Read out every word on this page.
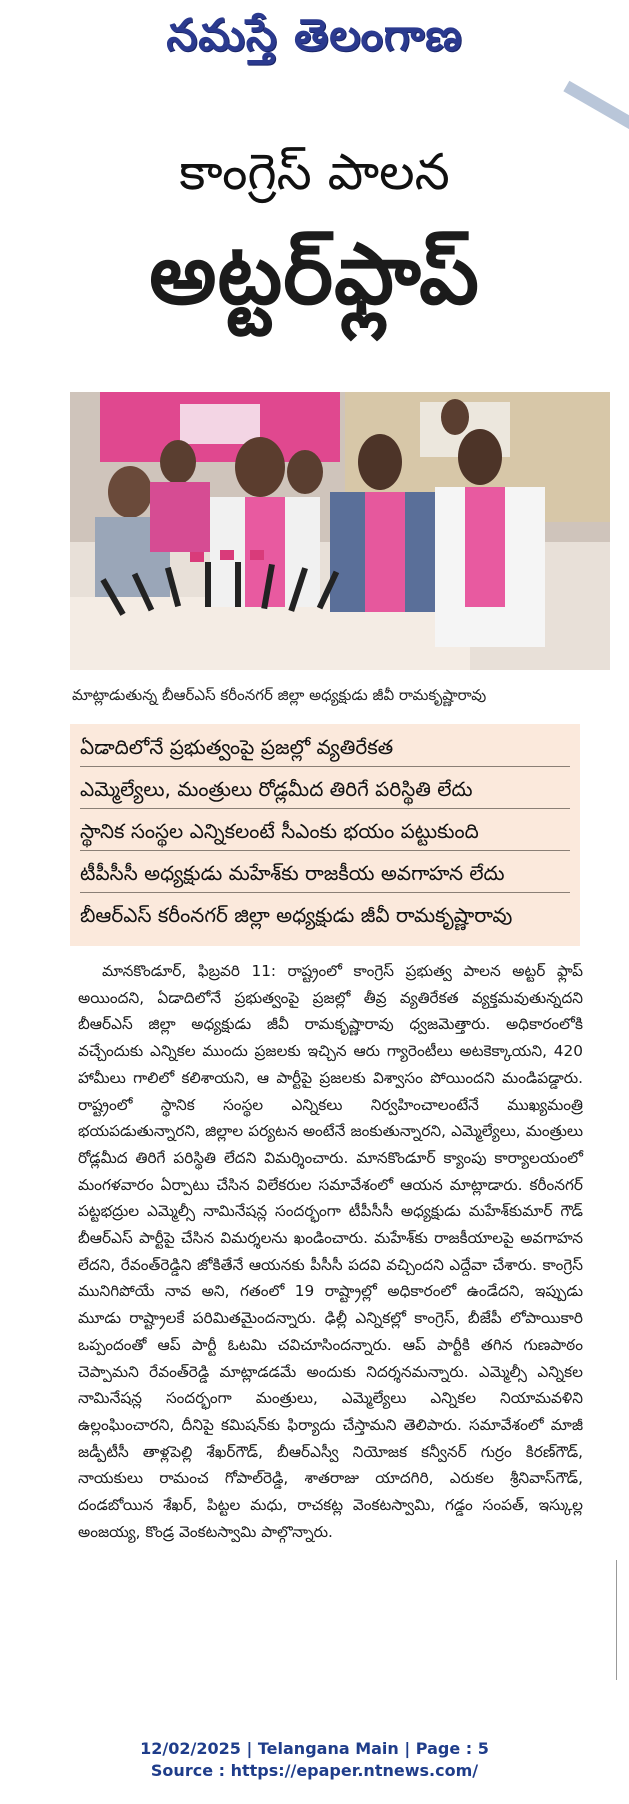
నమస్తే తెలంగాణ
కాంగ్రెస్ పాలన
అట్టర్‌ఫ్లాప్
మాట్లాడుతున్న బీఆర్‌ఎస్ కరీంనగర్ జిల్లా అధ్యక్షుడు జీవీ రామకృష్ణారావు
ఏడాదిలోనే ప్రభుత్వంపై ప్రజల్లో వ్యతిరేకత
ఎమ్మెల్యేలు, మంత్రులు రోడ్లమీద తిరిగే పరిస్థితి లేదు
స్థానిక సంస్థల ఎన్నికలంటే సీఎంకు భయం పట్టుకుంది
టీపీసీసీ అధ్యక్షుడు మహేశ్‌కు రాజకీయ అవగాహన లేదు
బీఆర్‌ఎస్ కరీంనగర్ జిల్లా అధ్యక్షుడు జీవీ రామకృష్ణారావు
మానకొండూర్, ఫిబ్రవరి 11: రాష్ట్రంలో కాంగ్రెస్ ప్రభుత్వ పాలన అట్టర్ ఫ్లాప్ అయిందని, ఏడాదిలోనే ప్రభుత్వంపై ప్రజల్లో తీవ్ర వ్యతిరేకత వ్యక్తమవుతున్నదని బీఆర్‌ఎస్ జిల్లా అధ్యక్షుడు జీవీ రామకృష్ణారావు ధ్వజమెత్తారు. అధికారంలోకి వచ్చేందుకు ఎన్నికల ముందు ప్రజలకు ఇచ్చిన ఆరు గ్యారెంటీలు అటకెక్కాయని, 420 హామీలు గాలిలో కలిశాయని, ఆ పార్టీపై ప్రజలకు విశ్వాసం పోయిందని మండిపడ్డారు. రాష్ట్రంలో స్థానిక సంస్థల ఎన్నికలు నిర్వహించాలంటేనే ముఖ్యమంత్రి భయపడుతున్నారని, జిల్లాల పర్యటన అంటేనే జంకుతున్నారని, ఎమ్మెల్యేలు, మంత్రులు రోడ్లమీద తిరిగే పరిస్థితి లేదని విమర్శించారు. మానకొండూర్ క్యాంపు కార్యాలయంలో మంగళవారం ఏర్పాటు చేసిన విలేకరుల సమావేశంలో ఆయన మాట్లాడారు. కరీంనగర్ పట్టభద్రుల ఎమ్మెల్సీ నామినేషన్ల సందర్భంగా టీపీసీసీ అధ్యక్షుడు మహేశ్‌కుమార్ గౌడ్ బీఆర్‌ఎస్ పార్టీపై చేసిన విమర్శలను ఖండించారు. మహేశ్‌కు రాజకీయాలపై అవగాహన లేదని, రేవంత్‌రెడ్డిని జోకితేనే ఆయనకు పీసీసీ పదవి వచ్చిందని ఎద్దేవా చేశారు. కాంగ్రెస్ మునిగిపోయే నావ అని, గతంలో 19 రాష్ట్రాల్లో అధికారంలో ఉండేదని, ఇప్పుడు మూడు రాష్ట్రాలకే పరిమితమైందన్నారు. ఢిల్లీ ఎన్నికల్లో కాంగ్రెస్, బీజేపీ లోపాయికారి ఒప్పందంతో ఆప్ పార్టీ ఓటమి చవిచూసిందన్నారు. ఆప్ పార్టీకి తగిన గుణపాఠం చెప్పామని రేవంత్‌రెడ్డి మాట్లాడడమే అందుకు నిదర్శనమన్నారు. ఎమ్మెల్సీ ఎన్నికల నామినేషన్ల సందర్భంగా మంత్రులు, ఎమ్మెల్యేలు ఎన్నికల నియామవళిని ఉల్లంఘించారని, దీనిపై కమిషన్‌కు ఫిర్యాదు చేస్తామని తెలిపారు. సమావేశంలో మాజీ జడ్పీటీసీ తాళ్లపెల్లి శేఖర్‌గౌడ్, బీఆర్‌ఎస్వీ నియోజక కన్వీనర్ గుర్రం కిరణ్‌గౌడ్, నాయకులు రామంచ గోపాల్‌రెడ్డి, శాతరాజు యాదగిరి, ఎరుకల శ్రీనివాస్‌గౌడ్, దండబోయిన శేఖర్, పిట్టల మధు, రాచకట్ల వెంకటస్వామి, గడ్డం సంపత్, ఇస్కుల్ల అంజయ్య, కొండ్ర వెంకటస్వామి పాల్గొన్నారు.
12/02/2025 | Telangana Main | Page : 5
Source : https://epaper.ntnews.com/
